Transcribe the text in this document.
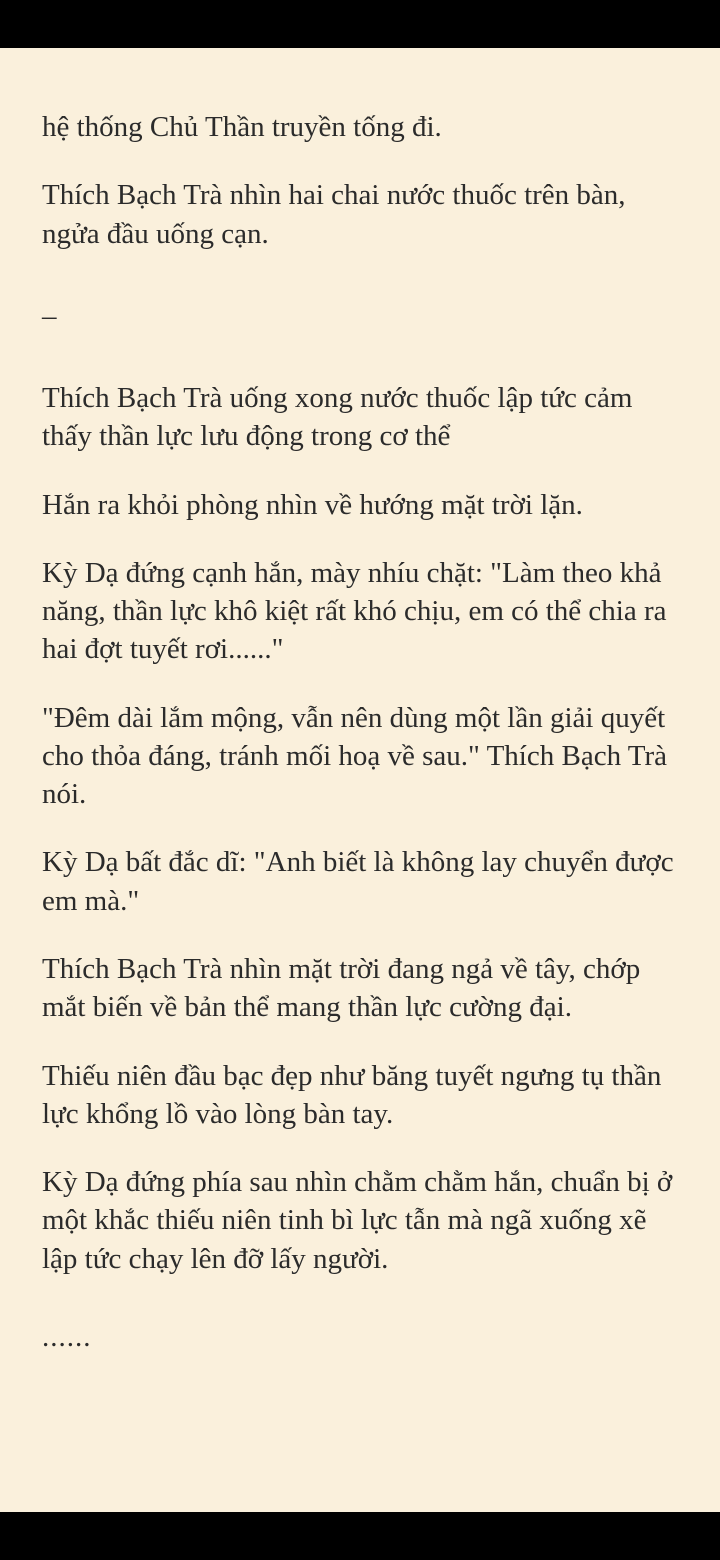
hệ thống Chủ Thần truyền tống đi.

Thích Bạch Trà nhìn hai chai nước thuốc trên bàn, ngửa đầu uống cạn.

–

Thích Bạch Trà uống xong nước thuốc lập tức cảm thấy thần lực lưu động trong cơ thể

Hắn ra khỏi phòng nhìn về hướng mặt trời lặn.

Kỳ Dạ đứng cạnh hắn, mày nhíu chặt: "Làm theo khả năng, thần lực khô kiệt rất khó chịu, em có thể chia ra hai đợt tuyết rơi......"

"Đêm dài lắm mộng, vẫn nên dùng một lần giải quyết cho thỏa đáng, tránh mối hoạ về sau." Thích Bạch Trà nói.

Kỳ Dạ bất đắc dĩ: "Anh biết là không lay chuyển được em mà."

Thích Bạch Trà nhìn mặt trời đang ngả về tây, chớp mắt biến về bản thể mang thần lực cường đại.

Thiếu niên đầu bạc đẹp như băng tuyết ngưng tụ thần lực khổng lồ vào lòng bàn tay.

Kỳ Dạ đứng phía sau nhìn chằm chằm hắn, chuẩn bị ở một khắc thiếu niên tinh bì lực tẫn mà ngã xuống xẽ lập tức chạy lên đỡ lấy người.

......
